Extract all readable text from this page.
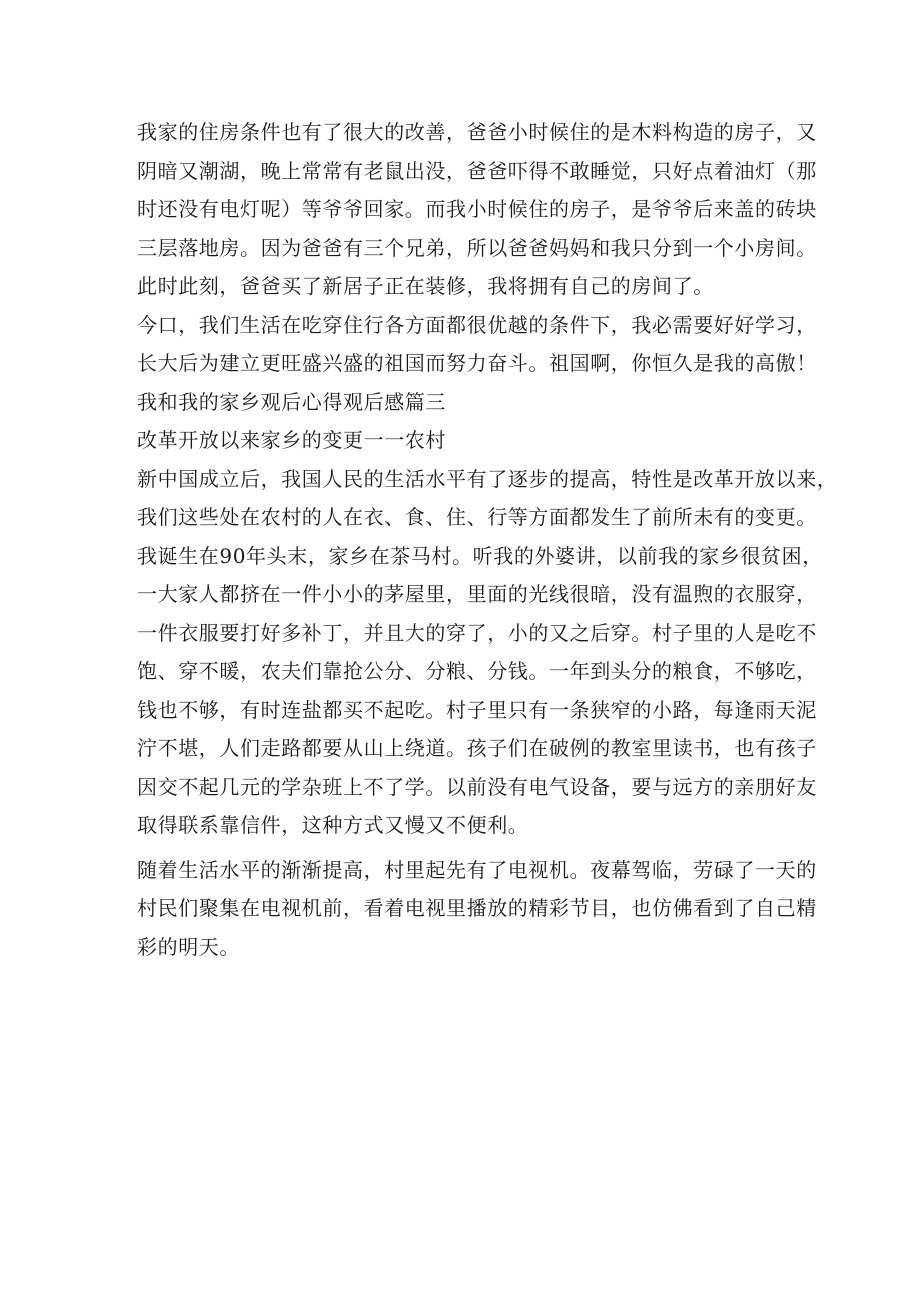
我家的住房条件也有了很大的改善，爸爸小时候住的是木料构造的房子，又
阴暗又潮湖，晚上常常有老鼠出没，爸爸吓得不敢睡觉，只好点着油灯（那
时还没有电灯呢）等爷爷回家。而我小时候住的房子，是爷爷后来盖的砖块
三层落地房。因为爸爸有三个兄弟，所以爸爸妈妈和我只分到一个小房间。
此时此刻，爸爸买了新居子正在装修，我将拥有自己的房间了。
今口，我们生活在吃穿住行各方面都很优越的条件下，我必需要好好学习，
长大后为建立更旺盛兴盛的祖国而努力奋斗。祖国啊，你恒久是我的高傲！
我和我的家乡观后心得观后感篇三
改革开放以来家乡的变更一一农村
新中国成立后，我国人民的生活水平有了逐步的提高，特性是改革开放以来，
我们这些处在农村的人在衣、食、住、行等方面都发生了前所未有的变更。
我诞生在90年头末，家乡在茶马村。听我的外婆讲，以前我的家乡很贫困，
一大家人都挤在一件小小的茅屋里，里面的光线很暗，没有温煦的衣服穿，
一件衣服要打好多补丁，并且大的穿了，小的又之后穿。村子里的人是吃不
饱、穿不暖，农夫们靠抢公分、分粮、分钱。一年到头分的粮食，不够吃，
钱也不够，有时连盐都买不起吃。村子里只有一条狭窄的小路，每逢雨天泥
泞不堪，人们走路都要从山上绕道。孩子们在破例的教室里读书，也有孩子
因交不起几元的学杂班上不了学。以前没有电气设备，要与远方的亲朋好友
取得联系靠信件，这种方式又慢又不便利。
随着生活水平的渐渐提高，村里起先有了电视机。夜幕驾临，劳碌了一天的
村民们聚集在电视机前，看着电视里播放的精彩节目，也仿佛看到了自己精
彩的明天。
